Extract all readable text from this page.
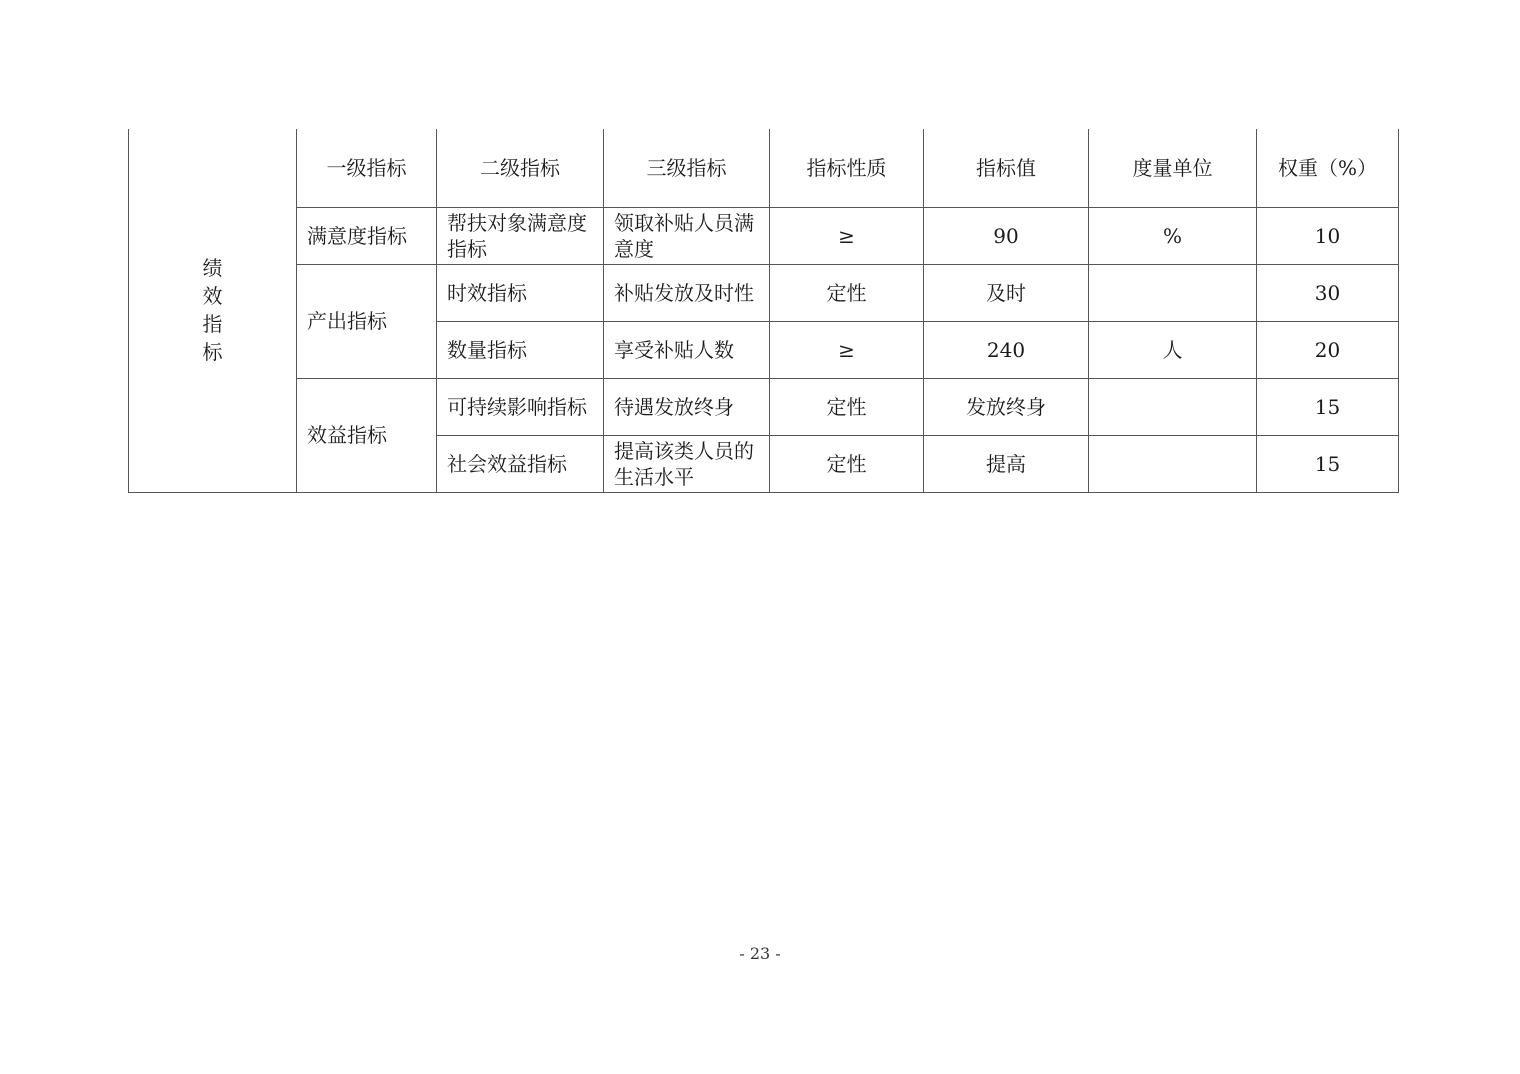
绩效指标	一级指标	二级指标	三级指标	指标性质	指标值	度量单位	权重（%）
	满意度指标	帮扶对象满意度指标	领取补贴人员满意度	≥	90	%	10
	产出指标	时效指标	补贴发放及时性	定性	及时		30
		数量指标	享受补贴人数	≥	240	人	20
	效益指标	可持续影响指标	待遇发放终身	定性	发放终身		15
		社会效益指标	提高该类人员的生活水平	定性	提高		15
- 23 -
